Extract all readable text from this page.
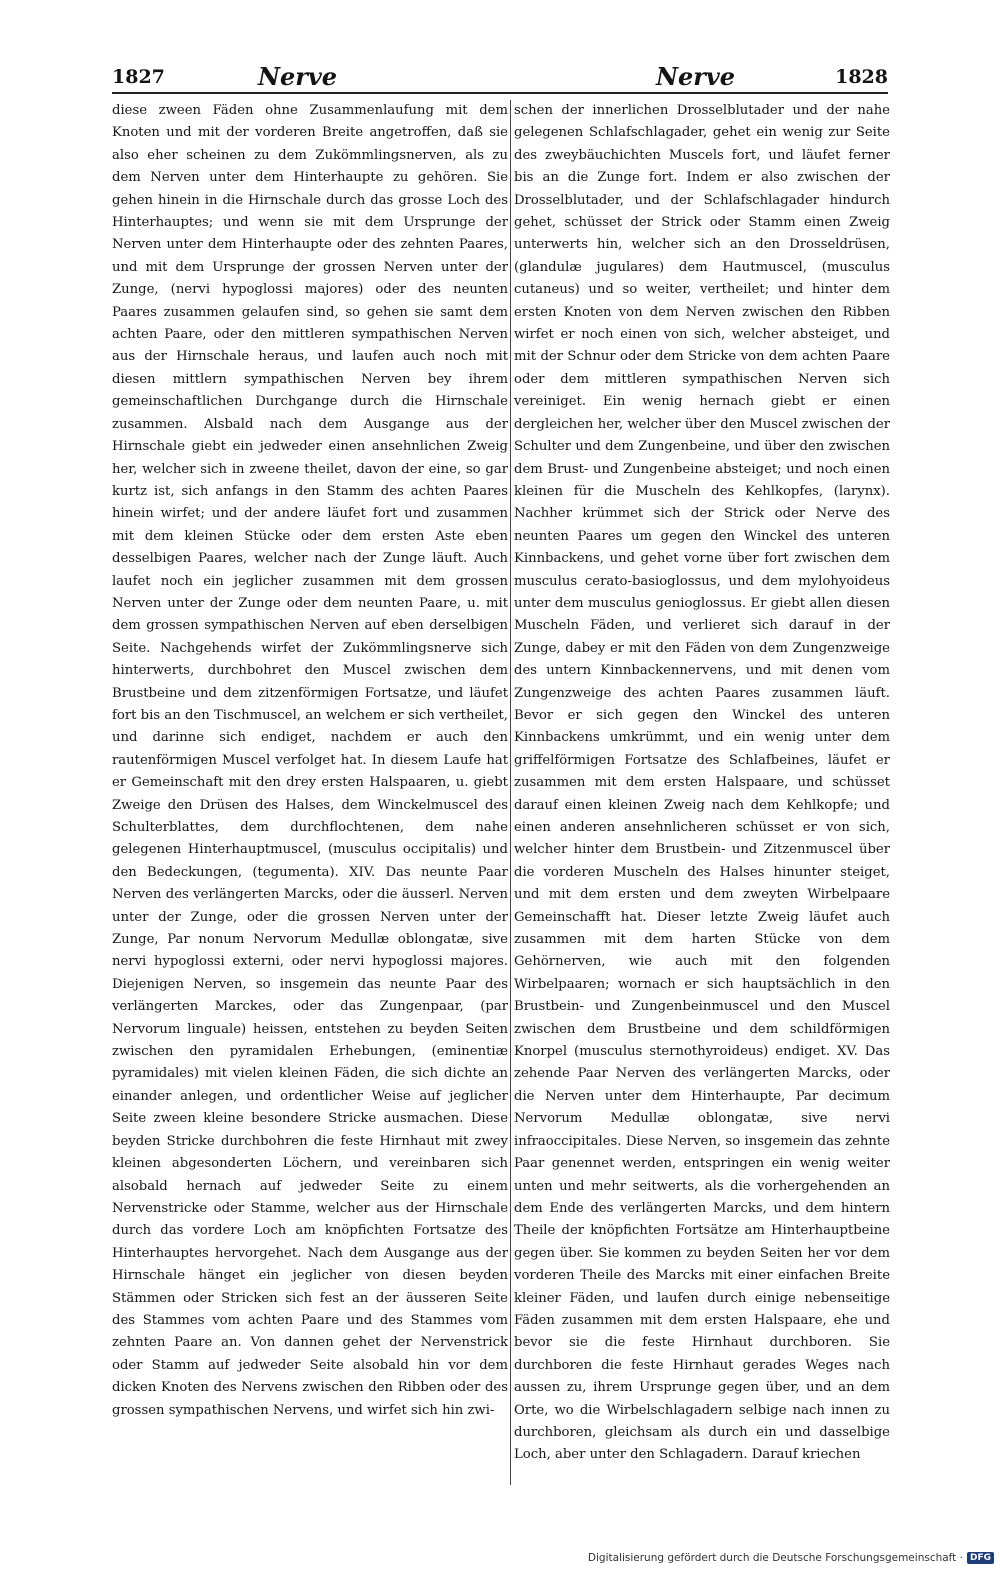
1827	Nerve	Nerve	1828

diese zween Fäden ohne Zusammenlaufung mit dem Knoten und mit der vorderen Breite angetroffen, daß sie also eher scheinen zu dem Zukömmlingsnerven, als zu dem Nerven unter dem Hinterhaupte zu gehören. Sie gehen hinein in die Hirnschale durch das grosse Loch des Hinterhauptes; und wenn sie mit dem Ursprunge der Nerven unter dem Hinterhaupte oder des zehnten Paares, und mit dem Ursprunge der grossen Nerven unter der Zunge, (nervi hypoglossi majores) oder des neunten Paares zusammen gelaufen sind, so gehen sie samt dem achten Paare, oder den mittleren sympathischen Nerven aus der Hirnschale heraus, und laufen auch noch mit diesen mittlern sympathischen Nerven bey ihrem gemeinschaftlichen Durchgange durch die Hirnschale zusammen. Alsbald nach dem Ausgange aus der Hirnschale giebt ein jedweder einen ansehnlichen Zweig her, welcher sich in zweene theilet, davon der eine, so gar kurtz ist, sich anfangs in den Stamm des achten Paares hinein wirfet; und der andere läufet fort und zusammen mit dem kleinen Stücke oder dem ersten Aste eben desselbigen Paares, welcher nach der Zunge läuft. Auch laufet noch ein jeglicher zusammen mit dem grossen Nerven unter der Zunge oder dem neunten Paare, u. mit dem grossen sympathischen Nerven auf eben derselbigen Seite. Nachgehends wirfet der Zukömmlingsnerve sich hinterwerts, durchbohret den Muscel zwischen dem Brustbeine und dem zitzenförmigen Fortsatze, und läufet fort bis an den Tischmuscel, an welchem er sich vertheilet, und darinne sich endiget, nachdem er auch den rautenförmigen Muscel verfolget hat. In diesem Laufe hat er Gemeinschaft mit den drey ersten Halspaaren, u. giebt Zweige den Drüsen des Halses, dem Winckelmuscel des Schulterblattes, dem durchflochtenen, dem nahe gelegenen Hinterhauptmuscel, (musculus occipitalis) und den Bedeckungen, (tegumenta). XIV. Das neunte Paar Nerven des verlängerten Marcks, oder die äusserl. Nerven unter der Zunge, oder die grossen Nerven unter der Zunge, Par nonum Nervorum Medullæ oblongatæ, sive nervi hypoglossi externi, oder nervi hypoglossi majores. Diejenigen Nerven, so insgemein das neunte Paar des verlängerten Marckes, oder das Zungenpaar, (par Nervorum linguale) heissen, entstehen zu beyden Seiten zwischen den pyramidalen Erhebungen, (eminentiæ pyramidales) mit vielen kleinen Fäden, die sich dichte an einander anlegen, und ordentlicher Weise auf jeglicher Seite zween kleine besondere Stricke ausmachen. Diese beyden Stricke durchbohren die feste Hirnhaut mit zwey kleinen abgesonderten Löchern, und vereinbaren sich alsobald hernach auf jedweder Seite zu einem Nervenstricke oder Stamme, welcher aus der Hirnschale durch das vordere Loch am knöpfichten Fortsatze des Hinterhauptes hervorgehet. Nach dem Ausgange aus der Hirnschale hänget ein jeglicher von diesen beyden Stämmen oder Stricken sich fest an der äusseren Seite des Stammes vom achten Paare und des Stammes vom zehnten Paare an. Von dannen gehet der Nervenstrick oder Stamm auf jedweder Seite alsobald hin vor dem dicken Knoten des Nervens zwischen den Ribben oder des grossen sympathischen Nervens, und wirfet sich hin zwi-

schen der innerlichen Drosselblutader und der nahe gelegenen Schlafschlagader, gehet ein wenig zur Seite des zweybäuchichten Muscels fort, und läufet ferner bis an die Zunge fort. Indem er also zwischen der Drosselblutader, und der Schlafschlagader hindurch gehet, schüsset der Strick oder Stamm einen Zweig unterwerts hin, welcher sich an den Drosseldrüsen, (glandulæ jugulares) dem Hautmuscel, (musculus cutaneus) und so weiter, vertheilet; und hinter dem ersten Knoten von dem Nerven zwischen den Ribben wirfet er noch einen von sich, welcher absteiget, und mit der Schnur oder dem Stricke von dem achten Paare oder dem mittleren sympathischen Nerven sich vereiniget. Ein wenig hernach giebt er einen dergleichen her, welcher über den Muscel zwischen der Schulter und dem Zungenbeine, und über den zwischen dem Brust- und Zungenbeine absteiget; und noch einen kleinen für die Muscheln des Kehlkopfes, (larynx). Nachher krümmet sich der Strick oder Nerve des neunten Paares um gegen den Winckel des unteren Kinnbackens, und gehet vorne über fort zwischen dem musculus cerato-basioglossus, und dem mylohyoideus unter dem musculus genioglossus. Er giebt allen diesen Muscheln Fäden, und verlieret sich darauf in der Zunge, dabey er mit den Fäden von dem Zungenzweige des untern Kinnbackennervens, und mit denen vom Zungenzweige des achten Paares zusammen läuft. Bevor er sich gegen den Winckel des unteren Kinnbackens umkrümmt, und ein wenig unter dem griffelförmigen Fortsatze des Schlafbeines, läufet er zusammen mit dem ersten Halspaare, und schüsset darauf einen kleinen Zweig nach dem Kehlkopfe; und einen anderen ansehnlicheren schüsset er von sich, welcher hinter dem Brustbein- und Zitzenmuscel über die vorderen Muscheln des Halses hinunter steiget, und mit dem ersten und dem zweyten Wirbelpaare Gemeinschafft hat. Dieser letzte Zweig läufet auch zusammen mit dem harten Stücke von dem Gehörnerven, wie auch mit den folgenden Wirbelpaaren; wornach er sich hauptsächlich in den Brustbein- und Zungenbeinmuscel und den Muscel zwischen dem Brustbeine und dem schildförmigen Knorpel (musculus sternothyroideus) endiget. XV. Das zehende Paar Nerven des verlängerten Marcks, oder die Nerven unter dem Hinterhaupte, Par decimum Nervorum Medullæ oblongatæ, sive nervi infraoccipitales. Diese Nerven, so insgemein das zehnte Paar genennet werden, entspringen ein wenig weiter unten und mehr seitwerts, als die vorhergehenden an dem Ende des verlängerten Marcks, und dem hintern Theile der knöpfichten Fortsätze am Hinterhauptbeine gegen über. Sie kommen zu beyden Seiten her vor dem vorderen Theile des Marcks mit einer einfachen Breite kleiner Fäden, und laufen durch einige nebenseitige Fäden zusammen mit dem ersten Halspaare, ehe und bevor sie die feste Hirnhaut durchboren. Sie durchboren die feste Hirnhaut gerades Weges nach aussen zu, ihrem Ursprunge gegen über, und an dem Orte, wo die Wirbelschlagadern selbige nach innen zu durchboren, gleichsam als durch ein und dasselbige Loch, aber unter den Schlagadern. Darauf kriechen

Digitalisierung gefördert durch die Deutsche Forschungsgemeinschaft · DFG
